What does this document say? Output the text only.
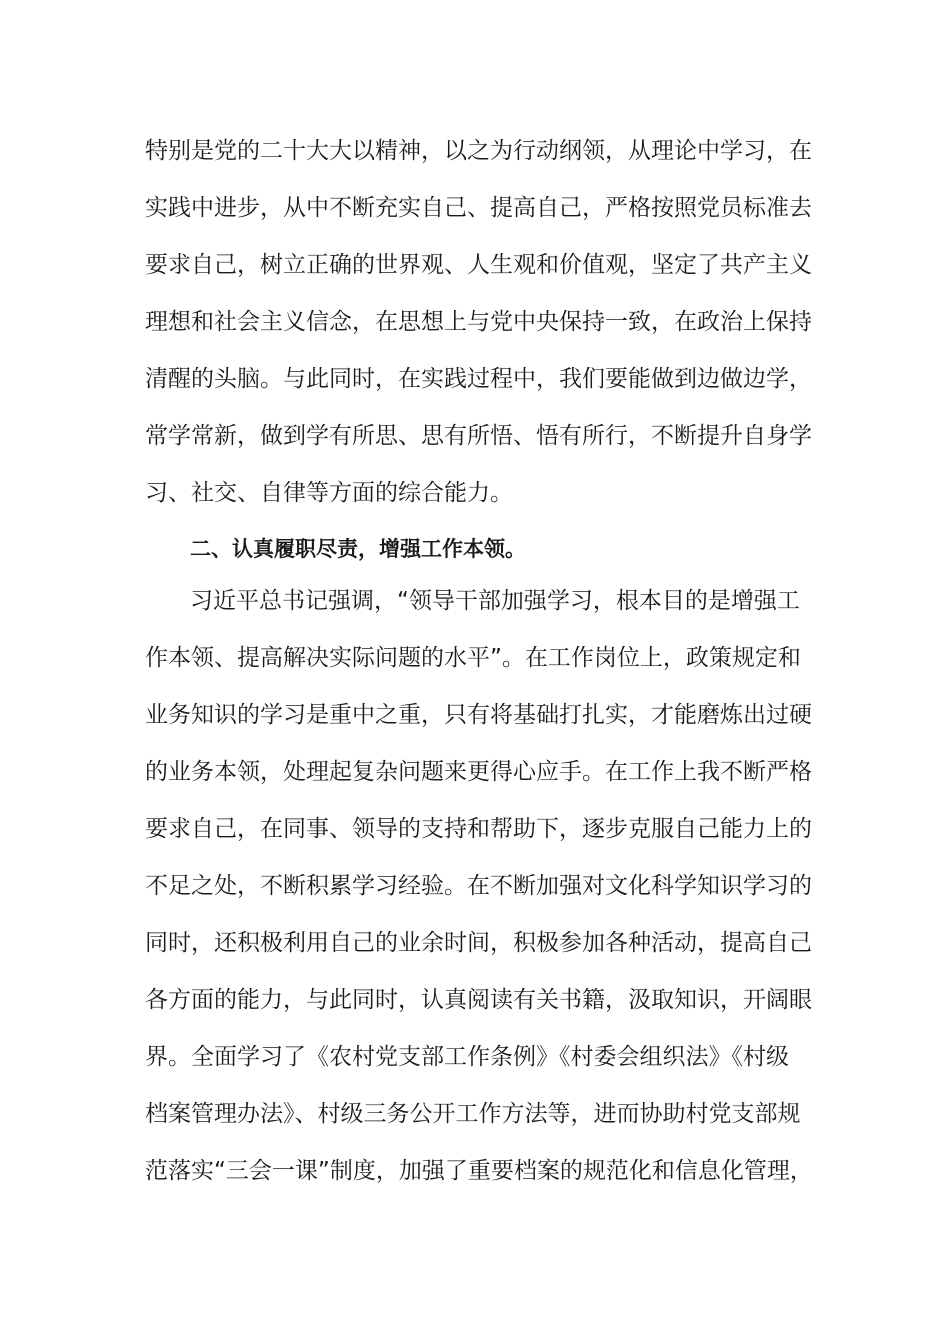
特别是党的二十大大以精神，以之为行动纲领，从理论中学习，在
实践中进步，从中不断充实自己、提高自己，严格按照党员标准去
要求自己，树立正确的世界观、人生观和价值观，坚定了共产主义
理想和社会主义信念，在思想上与党中央保持一致，在政治上保持
清醒的头脑。与此同时，在实践过程中，我们要能做到边做边学，
常学常新，做到学有所思、思有所悟、悟有所行，不断提升自身学
习、社交、自律等方面的综合能力。
二、认真履职尽责，增强工作本领。
习近平总书记强调，“领导干部加强学习，根本目的是增强工
作本领、提高解决实际问题的水平”。在工作岗位上，政策规定和
业务知识的学习是重中之重，只有将基础打扎实，才能磨炼出过硬
的业务本领，处理起复杂问题来更得心应手。在工作上我不断严格
要求自己，在同事、领导的支持和帮助下，逐步克服自己能力上的
不足之处，不断积累学习经验。在不断加强对文化科学知识学习的
同时，还积极利用自己的业余时间，积极参加各种活动，提高自己
各方面的能力，与此同时，认真阅读有关书籍，汲取知识，开阔眼
界。全面学习了《农村党支部工作条例》《村委会组织法》《村级
档案管理办法》、村级三务公开工作方法等，进而协助村党支部规
范落实“三会一课”制度，加强了重要档案的规范化和信息化管理，
